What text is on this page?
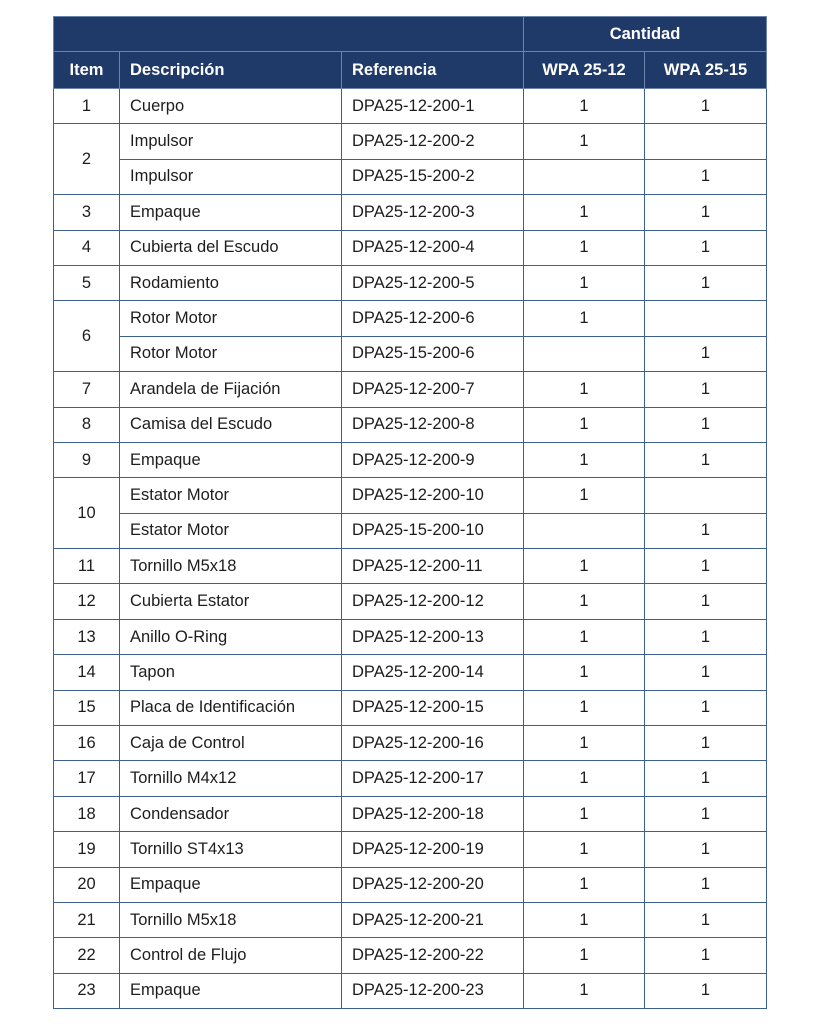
			Cantidad	
Item	Descripción	Referencia	WPA 25-12	WPA 25-15
1	Cuerpo	DPA25-12-200-1	1	1
2	Impulsor	DPA25-12-200-2	1	
	Impulsor	DPA25-15-200-2		1
3	Empaque	DPA25-12-200-3	1	1
4	Cubierta del Escudo	DPA25-12-200-4	1	1
5	Rodamiento	DPA25-12-200-5	1	1
6	Rotor Motor	DPA25-12-200-6	1	
	Rotor Motor	DPA25-15-200-6		1
7	Arandela de Fijación	DPA25-12-200-7	1	1
8	Camisa del Escudo	DPA25-12-200-8	1	1
9	Empaque	DPA25-12-200-9	1	1
10	Estator Motor	DPA25-12-200-10	1	
	Estator Motor	DPA25-15-200-10		1
11	Tornillo M5x18	DPA25-12-200-11	1	1
12	Cubierta Estator	DPA25-12-200-12	1	1
13	Anillo O-Ring	DPA25-12-200-13	1	1
14	Tapon	DPA25-12-200-14	1	1
15	Placa de Identificación	DPA25-12-200-15	1	1
16	Caja de Control	DPA25-12-200-16	1	1
17	Tornillo M4x12	DPA25-12-200-17	1	1
18	Condensador	DPA25-12-200-18	1	1
19	Tornillo ST4x13	DPA25-12-200-19	1	1
20	Empaque	DPA25-12-200-20	1	1
21	Tornillo M5x18	DPA25-12-200-21	1	1
22	Control de Flujo	DPA25-12-200-22	1	1
23	Empaque	DPA25-12-200-23	1	1
